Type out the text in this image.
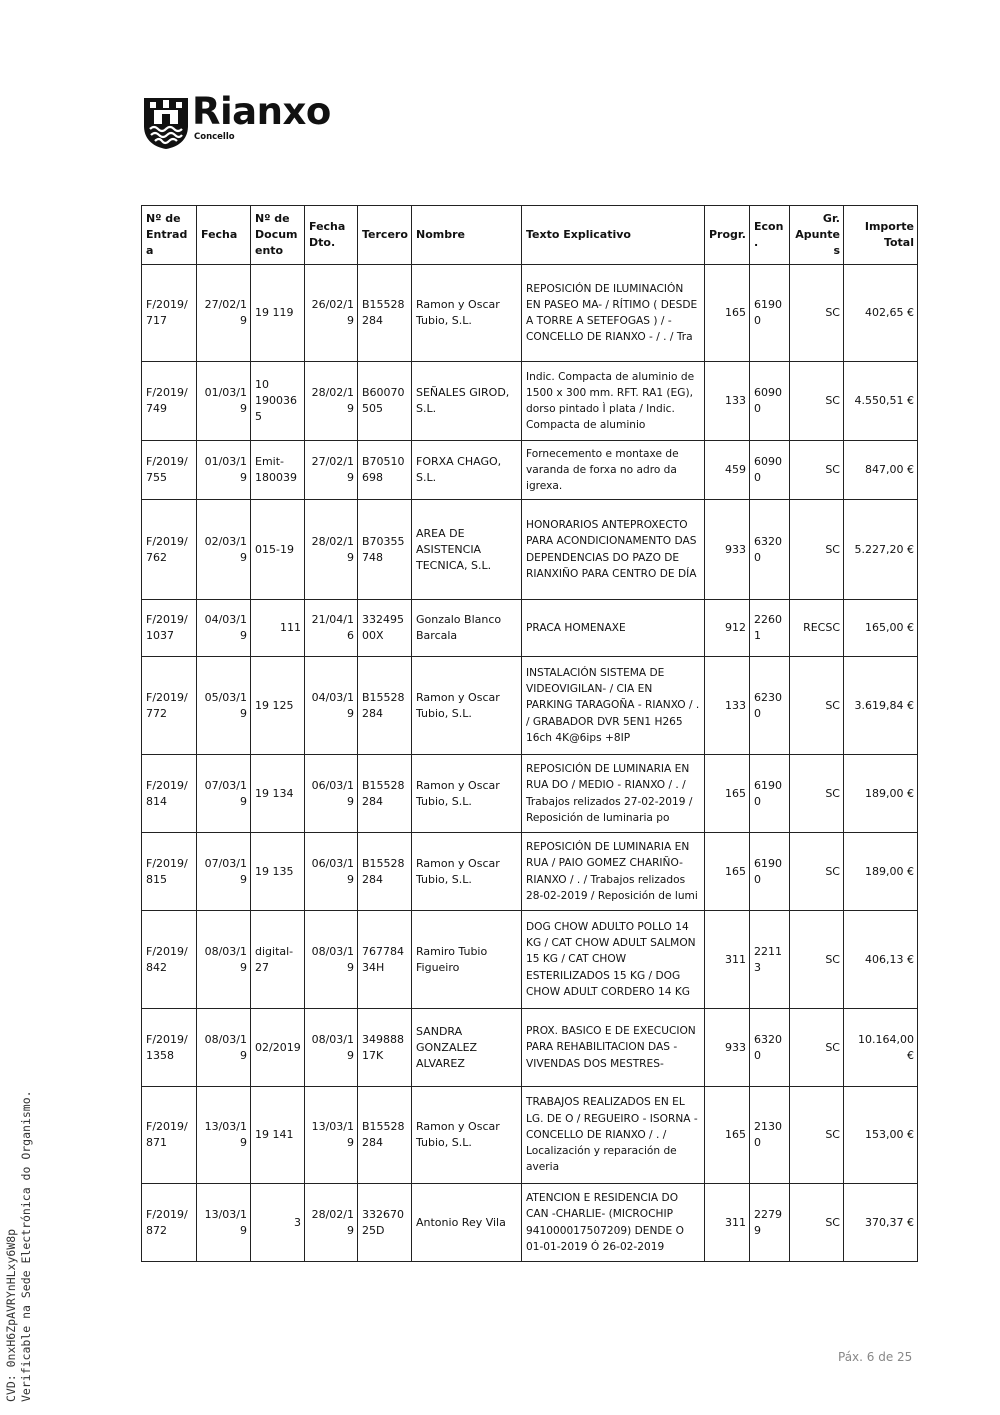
Rianxo
Concello
Nº de Entrada	Fecha	Nº de Documento	Fecha Dto.	Tercero	Nombre	Texto Explicativo	Progr.	Econ.	Gr. Apuntes	Importe Total
F/2019/717	27/02/19	19 119	26/02/19	B15528284	Ramon y Oscar Tubio, S.L.	REPOSICIÓN DE ILUMINACIÓN EN PASEO MA- / RÍTIMO ( DESDE A TORRE A SETEFOGAS ) / - CONCELLO DE RIANXO - / . / Tra	165	61900	SC	402,65 €
F/2019/749	01/03/19	10 1900365	28/02/19	B60070505	SEÑALES GIROD, S.L.	Indic. Compacta de aluminio de 1500 x 300 mm. RFT. RA1 (EG), dorso pintado Ì plata / Indic. Compacta de aluminio	133	60900	SC	4.550,51 €
F/2019/755	01/03/19	Emit-180039	27/02/19	B70510698	FORXA CHAGO, S.L.	Fornecemento e montaxe de varanda de forxa no adro da igrexa.	459	60900	SC	847,00 €
F/2019/762	02/03/19	015-19	28/02/19	B70355748	AREA DE ASISTENCIA TECNICA, S.L.	HONORARIOS ANTEPROXECTO PARA ACONDICIONAMENTO DAS DEPENDENCIAS DO PAZO DE RIANXIÑO PARA CENTRO DE DÍA	933	63200	SC	5.227,20 €
F/2019/1037	04/03/19	111	21/04/16	33249500X	Gonzalo Blanco Barcala	PRACA HOMENAXE	912	22601	RECSC	165,00 €
F/2019/772	05/03/19	19 125	04/03/19	B15528284	Ramon y Oscar Tubio, S.L.	INSTALACIÓN SISTEMA DE VIDEOVIGILAN- / CIA EN PARKING TARAGOÑA - RIANXO / . / GRABADOR DVR 5EN1 H265 16ch 4K@6ips +8IP	133	62300	SC	3.619,84 €
F/2019/814	07/03/19	19 134	06/03/19	B15528284	Ramon y Oscar Tubio, S.L.	REPOSICIÓN DE LUMINARIA EN RUA DO / MEDIO - RIANXO / . / Trabajos relizados 27-02-2019 / Reposición de luminaria po	165	61900	SC	189,00 €
F/2019/815	07/03/19	19 135	06/03/19	B15528284	Ramon y Oscar Tubio, S.L.	REPOSICIÓN DE LUMINARIA EN RUA / PAIO GOMEZ CHARIÑO- RIANXO / . / Trabajos relizados 28-02-2019 / Reposición de lumi	165	61900	SC	189,00 €
F/2019/842	08/03/19	digital-27	08/03/19	76778434H	Ramiro Tubio Figueiro	DOG CHOW ADULTO POLLO 14 KG / CAT CHOW ADULT SALMON 15 KG / CAT CHOW ESTERILIZADOS 15 KG / DOG CHOW ADULT CORDERO 14 KG	311	22113	SC	406,13 €
F/2019/1358	08/03/19	02/2019	08/03/19	34988817K	SANDRA GONZALEZ ALVAREZ	PROX. BASICO E DE EXECUCION PARA REHABILITACION DAS -VIVENDAS DOS MESTRES-	933	63200	SC	10.164,00 €
F/2019/871	13/03/19	19 141	13/03/19	B15528284	Ramon y Oscar Tubio, S.L.	TRABAJOS REALIZADOS EN EL LG. DE O / REGUEIRO - ISORNA - CONCELLO DE RIANXO / . / Localización y reparación de averia	165	21300	SC	153,00 €
F/2019/872	13/03/19	3	28/02/19	33267025D	Antonio Rey Vila	ATENCION E RESIDENCIA DO CAN -CHARLIE- (MICROCHIP 941000017507209) DENDE O 01-01-2019 Ó 26-02-2019	311	22799	SC	370,37 €
CVD: 0nxH6ZpAVRYnHLxy6W8p Verificable na Sede Electrónica do Organismo.	Páx. 6 de 25
